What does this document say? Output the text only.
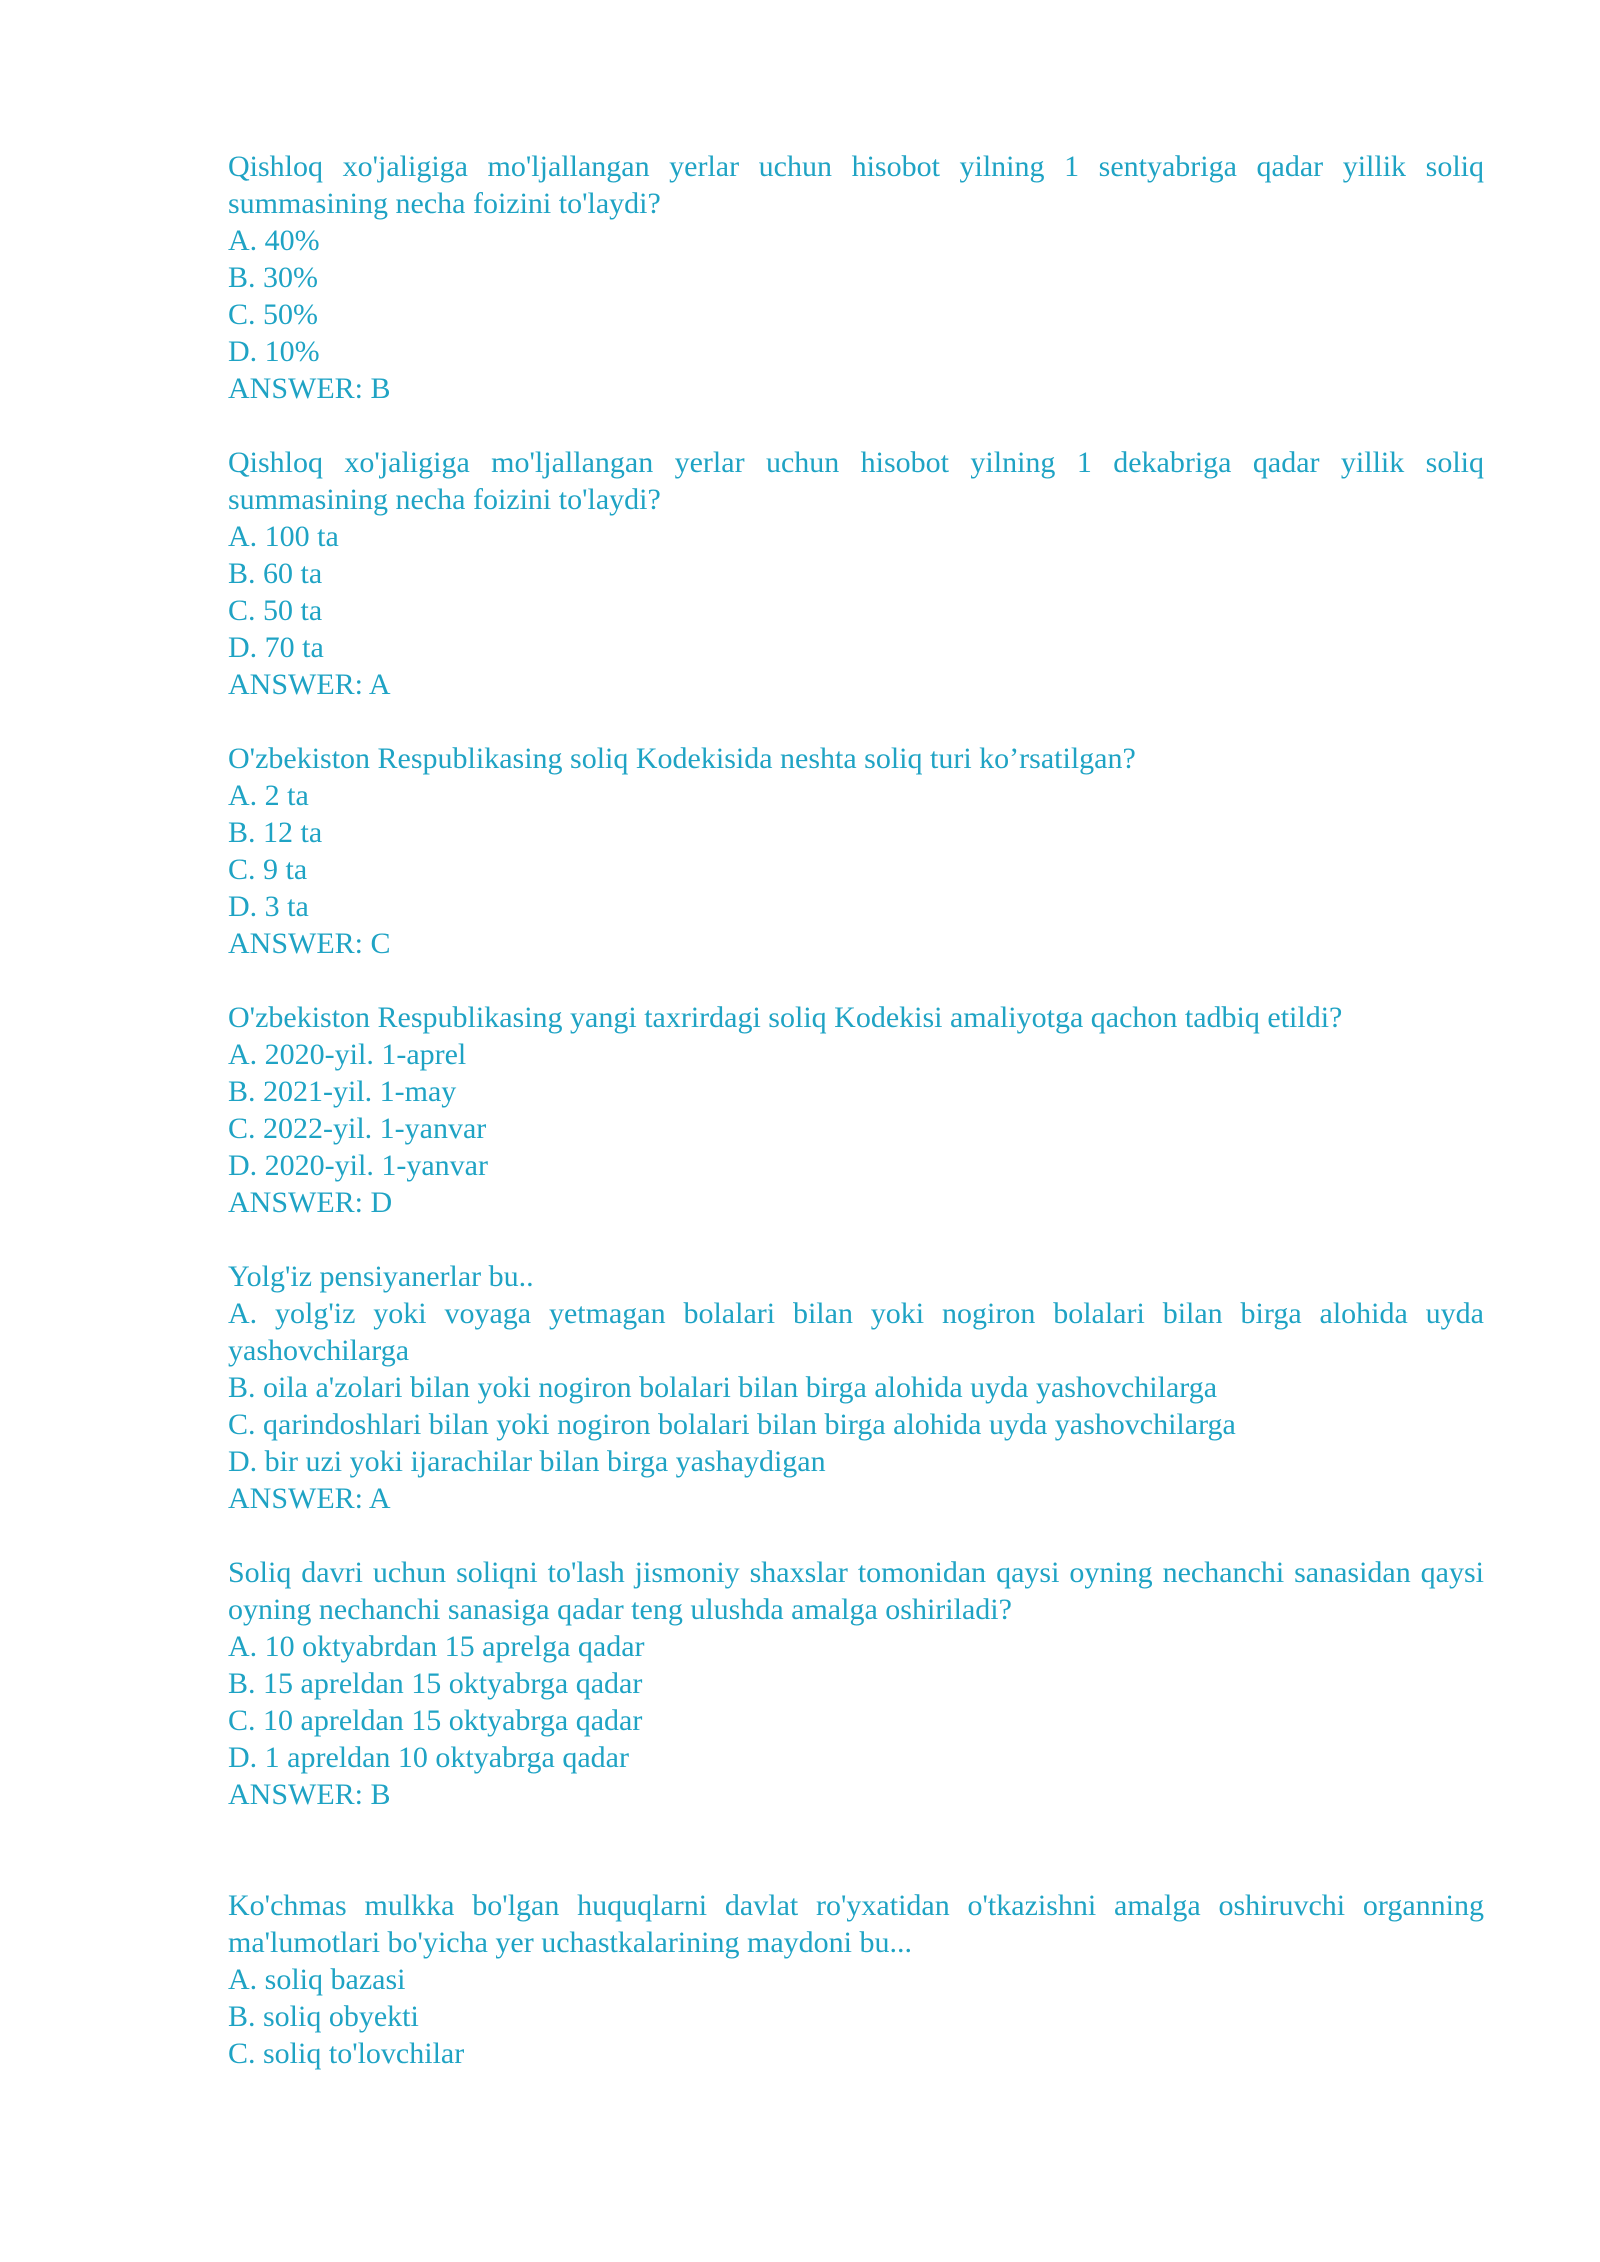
Qishloq xo'jaligiga mo'ljallangan yerlar uchun hisobot yilning 1 sentyabriga qadar yillik soliq summasining necha foizini to'laydi?

A. 40%

B. 30%

C. 50%

D. 10%

ANSWER: B

Qishloq xo'jaligiga mo'ljallangan yerlar uchun hisobot yilning 1 dekabriga qadar yillik soliq summasining necha foizini to'laydi?

A. 100 ta

B. 60 ta

C. 50 ta

D. 70 ta

ANSWER: A

O'zbekiston Respublikasing soliq Kodekisida neshta soliq turi ko’rsatilgan?

A. 2 ta

B. 12 ta

C. 9 ta

D. 3 ta

ANSWER: C

O'zbekiston Respublikasing yangi taxrirdagi soliq Kodekisi amaliyotga qachon tadbiq etildi?

A. 2020-yil. 1-aprel

B. 2021-yil. 1-may

C. 2022-yil. 1-yanvar

D. 2020-yil. 1-yanvar

ANSWER: D

Yolg'iz pensiyanerlar bu..

A. yolg'iz yoki voyaga yetmagan bolalari bilan yoki nogiron bolalari bilan birga alohida uyda yashovchilarga

B. oila a'zolari bilan yoki nogiron bolalari bilan birga alohida uyda yashovchilarga

C. qarindoshlari bilan yoki nogiron bolalari bilan birga alohida uyda yashovchilarga

D. bir uzi yoki ijarachilar bilan birga yashaydigan

ANSWER: A

Soliq davri uchun soliqni to'lash jismoniy shaxslar tomonidan qaysi oyning nechanchi sanasidan qaysi oyning nechanchi sanasiga qadar teng ulushda amalga oshiriladi?

A. 10 oktyabrdan 15 aprelga qadar

B. 15 apreldan 15 oktyabrga qadar

C. 10 apreldan 15 oktyabrga qadar

D. 1 apreldan 10 oktyabrga qadar

ANSWER: B

Ko'chmas mulkka bo'lgan huquqlarni davlat ro'yxatidan o'tkazishni amalga oshiruvchi organning ma'lumotlari bo'yicha yer uchastkalarining maydoni bu...

A. soliq bazasi

B. soliq obyekti

C. soliq to'lovchilar
